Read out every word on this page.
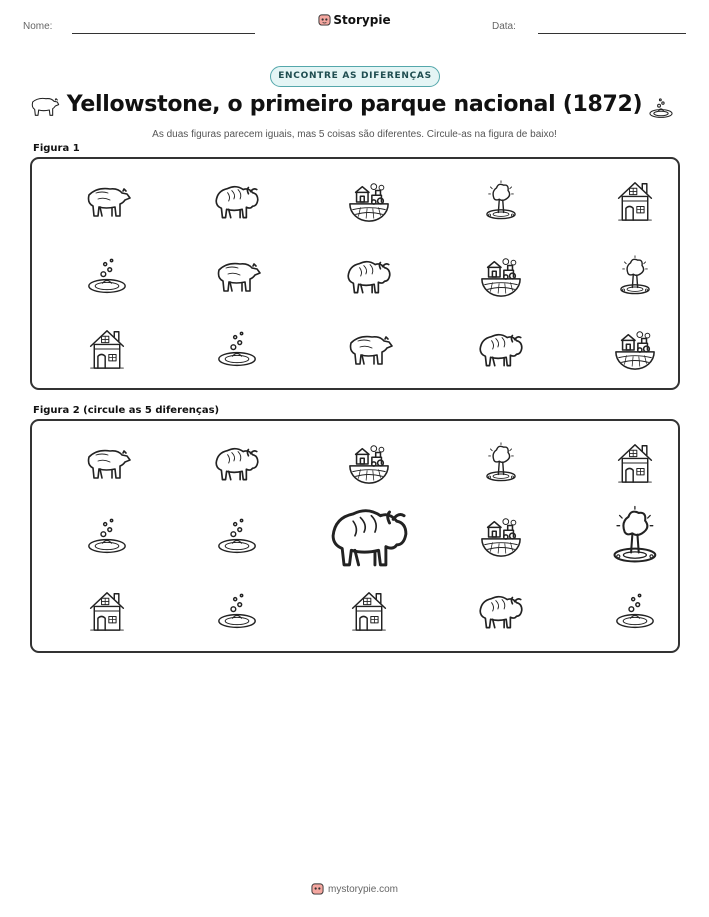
Nome:	Storypie	Data:
ENCONTRE AS DIFERENÇAS
Yellowstone, o primeiro parque nacional (1872)
As duas figuras parecem iguais, mas 5 coisas são diferentes. Circule-as na figura de baixo!
Figura 1
Figura 2 (circule as 5 diferenças)
mystorypie.com
